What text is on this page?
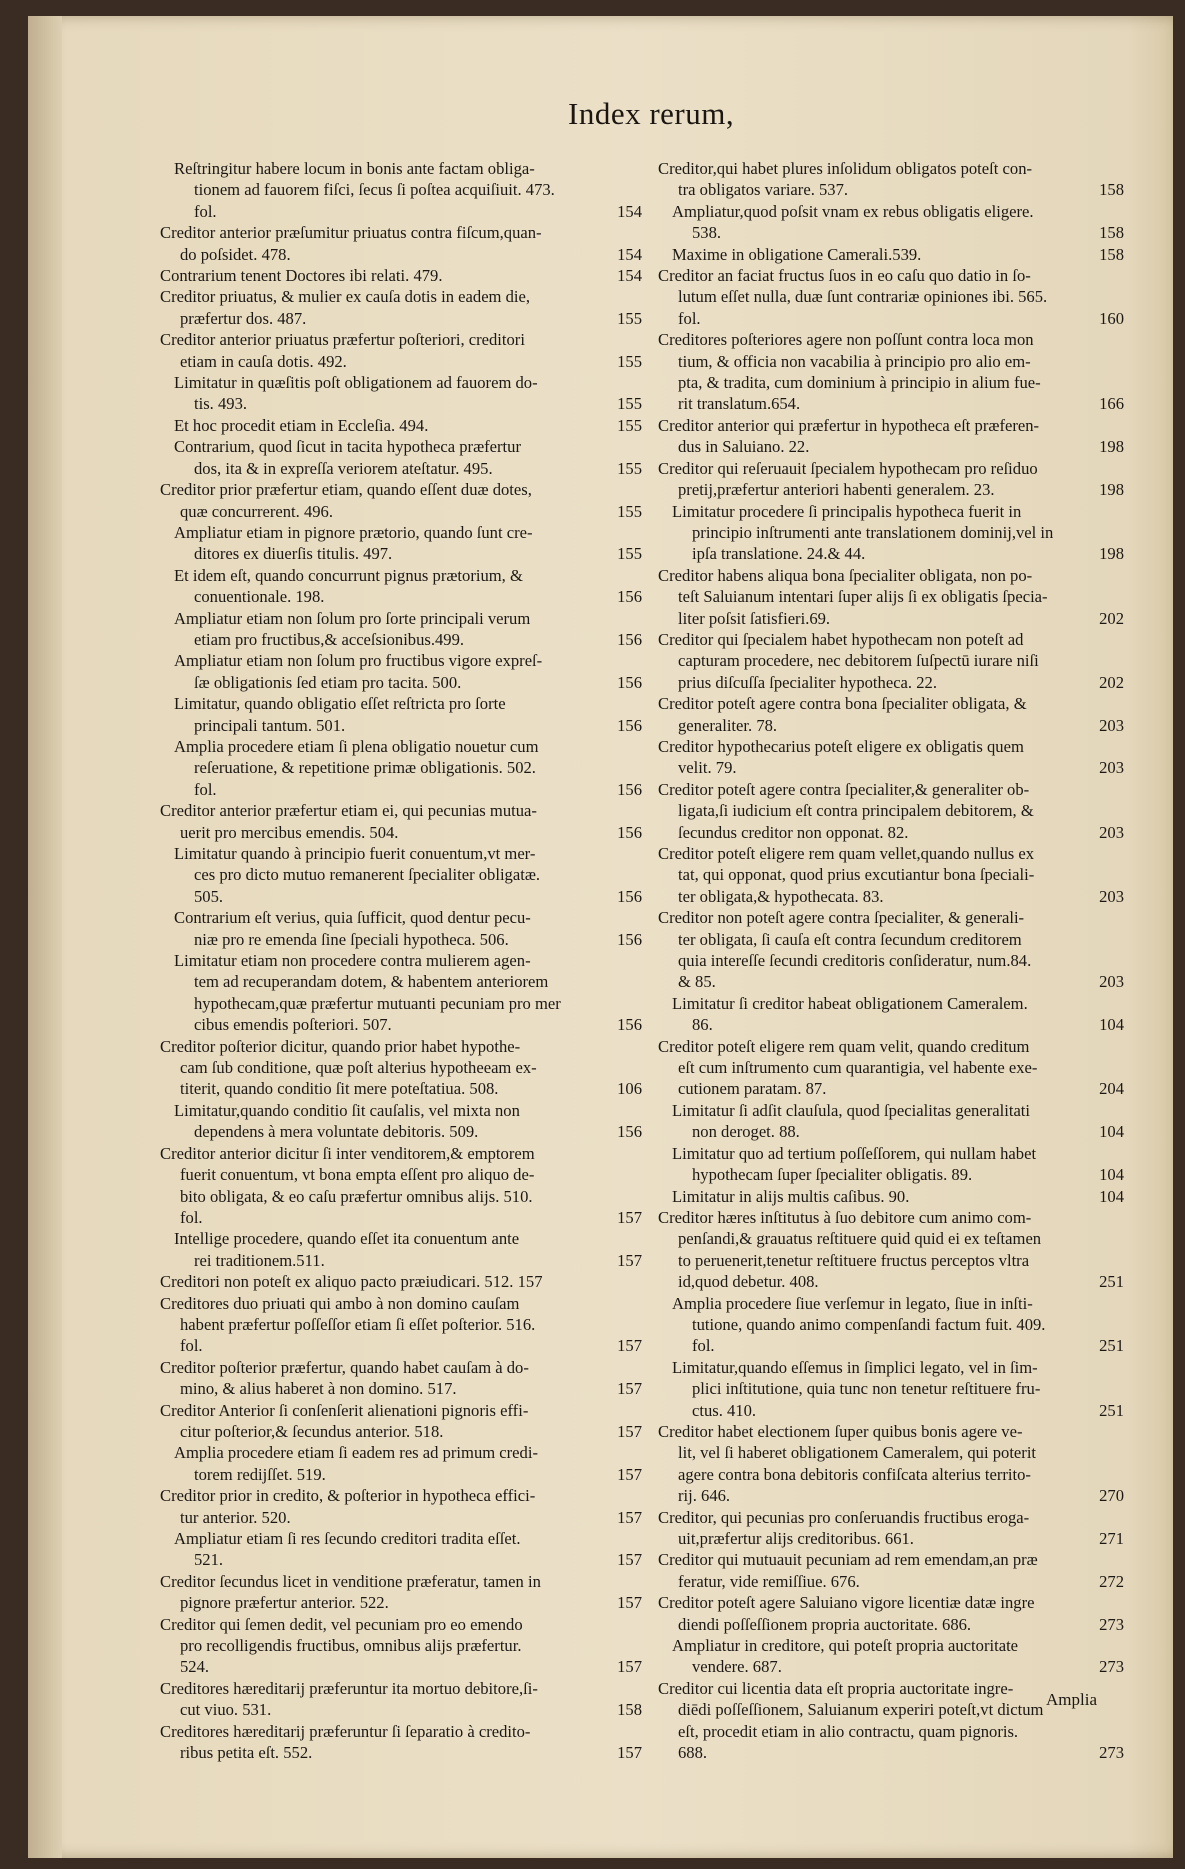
Index rerum,
Reſtringitur habere locum in bonis ante factam obliga-
tionem ad fauorem fiſci, ſecus ſi poſtea acquiſiuit. 473.
154
fol.
Creditor anterior præſumitur priuatus contra fiſcum,quan-
154
do poſsidet. 478.
154
Contrarium tenent Doctores ibi relati. 479.
Creditor priuatus, & mulier ex cauſa dotis in eadem die,
155
præfertur dos. 487.
Creditor anterior priuatus præfertur poſteriori, creditori
155
etiam in cauſa dotis. 492.
Limitatur in quæſitis poſt obligationem ad fauorem do-
155
tis. 493.
155
Et hoc procedit etiam in Eccleſia. 494.
Contrarium, quod ſicut in tacita hypotheca præfertur
155
dos, ita & in expreſſa veriorem ateſtatur. 495.
Creditor prior præfertur etiam, quando eſſent duæ dotes,
155
quæ concurrerent. 496.
Ampliatur etiam in pignore prætorio, quando ſunt cre-
155
ditores ex diuerſis titulis. 497.
Et idem eſt, quando concurrunt pignus prætorium, &
156
conuentionale. 198.
Ampliatur etiam non ſolum pro ſorte principali verum
156
etiam pro fructibus,& acceſsionibus.499.
Ampliatur etiam non ſolum pro fructibus vigore expreſ-
156
ſæ obligationis ſed etiam pro tacita. 500.
Limitatur, quando obligatio eſſet reſtricta pro ſorte
156
principali tantum. 501.
Amplia procedere etiam ſi plena obligatio nouetur cum
reſeruatione, & repetitione primæ obligationis. 502.
156
fol.
Creditor anterior præfertur etiam ei, qui pecunias mutua-
156
uerit pro mercibus emendis. 504.
Limitatur quando à principio fuerit conuentum,vt mer-
ces pro dicto mutuo remanerent ſpecialiter obligatæ.
156
505.
Contrarium eſt verius, quia ſufficit, quod dentur pecu-
156
niæ pro re emenda ſine ſpeciali hypotheca. 506.
Limitatur etiam non procedere contra mulierem agen-
tem ad recuperandam dotem, & habentem anteriorem
hypothecam,quæ præfertur mutuanti pecuniam pro mer
156
cibus emendis poſteriori. 507.
Creditor poſterior dicitur, quando prior habet hypothe-
cam ſub conditione, quæ poſt alterius hypotheeam ex-
106
titerit, quando conditio ſit mere poteſtatiua. 508.
Limitatur,quando conditio ſit cauſalis, vel mixta non
156
dependens à mera voluntate debitoris. 509.
Creditor anterior dicitur ſi inter venditorem,& emptorem
fuerit conuentum, vt bona empta eſſent pro aliquo de-
bito obligata, & eo caſu præfertur omnibus alijs. 510.
157
fol.
Intellige procedere, quando eſſet ita conuentum ante
157
rei traditionem.511.
Creditori non poteſt ex aliquo pacto præiudicari. 512. 157
Creditores duo priuati qui ambo à non domino cauſam
habent præfertur poſſeſſor etiam ſi eſſet poſterior. 516.
157
fol.
Creditor poſterior præfertur, quando habet cauſam à do-
157
mino, & alius haberet à non domino. 517.
Creditor Anterior ſi conſenſerit alienationi pignoris effi-
157
citur poſterior,& ſecundus anterior. 518.
Amplia procedere etiam ſi eadem res ad primum credi-
157
torem redijſſet. 519.
Creditor prior in credito, & poſterior in hypotheca effici-
157
tur anterior. 520.
Ampliatur etiam ſi res ſecundo creditori tradita eſſet.
157
521.
Creditor ſecundus licet in venditione præferatur, tamen in
157
pignore præfertur anterior. 522.
Creditor qui ſemen dedit, vel pecuniam pro eo emendo
pro recolligendis fructibus, omnibus alijs præfertur.
157
524.
Creditores hæreditarij præferuntur ita mortuo debitore,ſi-
158
cut viuo. 531.
Creditores hæreditarij præferuntur ſi ſeparatio à credito-
157
ribus petita eſt. 552.
Creditor,qui habet plures inſolidum obligatos poteſt con-
158
tra obligatos variare. 537.
Ampliatur,quod poſsit vnam ex rebus obligatis eligere.
158
538.
158
Maxime in obligatione Camerali.539.
Creditor an faciat fructus ſuos in eo caſu quo datio in ſo-
lutum eſſet nulla, duæ ſunt contrariæ opiniones ibi. 565.
160
fol.
Creditores poſteriores agere non poſſunt contra loca mon
tium, & officia non vacabilia à principio pro alio em-
pta, & tradita, cum dominium à principio in alium fue-
166
rit translatum.654.
Creditor anterior qui præfertur in hypotheca eſt præferen-
198
dus in Saluiano. 22.
Creditor qui reſeruauit ſpecialem hypothecam pro reſiduo
198
pretij,præfertur anteriori habenti generalem. 23.
Limitatur procedere ſi principalis hypotheca fuerit in
principio inſtrumenti ante translationem dominij,vel in
198
ipſa translatione. 24.& 44.
Creditor habens aliqua bona ſpecialiter obligata, non po-
teſt Saluianum intentari ſuper alijs ſi ex obligatis ſpecia-
202
liter poſsit ſatisfieri.69.
Creditor qui ſpecialem habet hypothecam non poteſt ad
capturam procedere, nec debitorem ſuſpectū iurare niſi
202
prius diſcuſſa ſpecialiter hypotheca. 22.
Creditor poteſt agere contra bona ſpecialiter obligata, &
203
generaliter. 78.
Creditor hypothecarius poteſt eligere ex obligatis quem
203
velit. 79.
Creditor poteſt agere contra ſpecialiter,& generaliter ob-
ligata,ſi iudicium eſt contra principalem debitorem, &
203
ſecundus creditor non opponat. 82.
Creditor poteſt eligere rem quam vellet,quando nullus ex
tat, qui opponat, quod prius excutiantur bona ſpeciali-
203
ter obligata,& hypothecata. 83.
Creditor non poteſt agere contra ſpecialiter, & generali-
ter obligata, ſi cauſa eſt contra ſecundum creditorem
quia intereſſe ſecundi creditoris conſideratur, num.84.
203
& 85.
Limitatur ſi creditor habeat obligationem Cameralem.
104
86.
Creditor poteſt eligere rem quam velit, quando creditum
eſt cum inſtrumento cum quarantigia, vel habente exe-
204
cutionem paratam. 87.
Limitatur ſi adſit clauſula, quod ſpecialitas generalitati
104
non deroget. 88.
Limitatur quo ad tertium poſſeſſorem, qui nullam habet
104
hypothecam ſuper ſpecialiter obligatis. 89.
104
Limitatur in alijs multis caſibus. 90.
Creditor hæres inſtitutus à ſuo debitore cum animo com-
penſandi,& grauatus reſtituere quid quid ei ex teſtamen
to peruenerit,tenetur reſtituere fructus perceptos vltra
251
id,quod debetur. 408.
Amplia procedere ſiue verſemur in legato, ſiue in inſti-
tutione, quando animo compenſandi factum fuit. 409.
251
fol.
Limitatur,quando eſſemus in ſimplici legato, vel in ſim-
plici inſtitutione, quia tunc non tenetur reſtituere fru-
251
ctus. 410.
Creditor habet electionem ſuper quibus bonis agere ve-
lit, vel ſi haberet obligationem Cameralem, qui poterit
agere contra bona debitoris confiſcata alterius territo-
270
rij. 646.
Creditor, qui pecunias pro conſeruandis fructibus eroga-
271
uit,præfertur alijs creditoribus. 661.
Creditor qui mutuauit pecuniam ad rem emendam,an præ
272
feratur, vide remiſſiue. 676.
Creditor poteſt agere Saluiano vigore licentiæ datæ ingre
273
diendi poſſeſſionem propria auctoritate. 686.
Ampliatur in creditore, qui poteſt propria auctoritate
273
vendere. 687.
Creditor cui licentia data eſt propria auctoritate ingre-
diēdi poſſeſſionem, Saluianum experiri poteſt,vt dictum
eſt, procedit etiam in alio contractu, quam pignoris.
273
688.
Amplia
